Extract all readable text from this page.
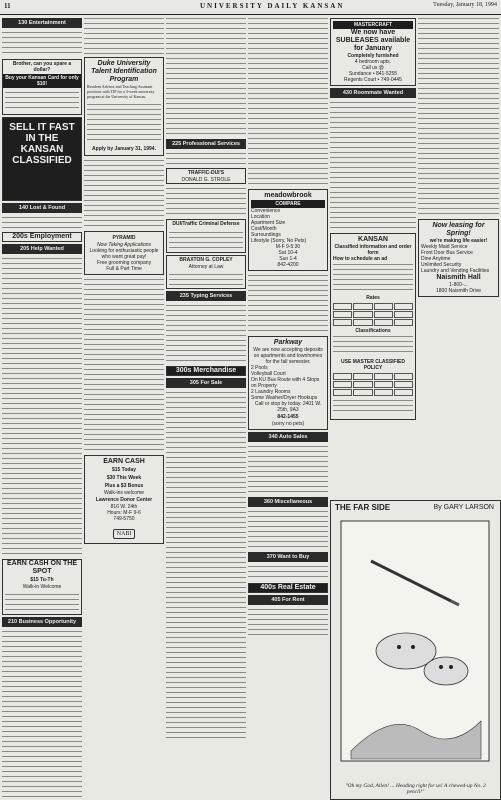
11	UNIVERSITY DAILY KANSAN	Tuesday, January 18, 1994
130 Entertainment
Brother, can you spare a dollar?
Buy your Kansan Card for only $10!
SELL IT FAST IN THE KANSAN CLASSIFIED
140 Lost & Found
200s Employment
205 Help Wanted
EARN CASH ON THE SPOT
$15 Tu-Th
Walk-in Welcome
210 Business Opportunity
Duke University Talent Identification Program
Resident Advisor and Teaching Assistant positions with TIP for a 3-week university program at the University of Kansas.
Apply by January 31, 1994.
PYRAMID
Now Taking Applications
Looking for enthusiastic people who want great pay!
Free grooming company
Full & Part Time
EARN CASH
$15 Today
$30 This Week
Plus a $3 Bonus
Walk-ins welcome
Lawrence Donor Center
816 W. 24th
Hours: M-F 9-6
749-5750
NABI
225 Professional Services
TRAFFIC-DUI'S
DONALD G. STROLE
DUI/Traffic Criminal Defense
BRAXTON G. COPLEY
Attorney at Law
235 Typing Services
300s Merchandise
305 For Sale
meadowbrook
COMPARE
Convenience
Location
Apartment Size
Cost/Month
Surroundings
Lifestyle (Sorry, No Pets)
M-F 9-5:30
Sat 10-4
Sun 1-4
842-4200
Parkway
We are now accepting deposits on apartments and townhomes for the fall semester.
2 Pools
Volleyball Court
On KU Bus Route with 4 Stops on Property
2 Laundry Rooms
Some Washer/Dryer Hookups
Call or stop by today. 2401 W. 25th, 9A3
842-1455
(sorry no pets)
340 Auto Sales
360 Miscellaneous
370 Want to Buy
400s Real Estate
405 For Rent
MASTERCRAFT
We now have SUBLEASES available for January
Completely furnished
4 bedroom apts.
Call us @
Sundance • 841-5255
Regents Court • 749-0445
430 Roommate Wanted
KANSAN
Classified information and order form
How to schedule an ad
Rates
Classifications
USE MASTER CLASSIFIED POLICY
Now leasing for Spring!
we're making life easier!
Weekly Maid Service
Front Door Bus Service
Dine Anytime
Unlimited Security
Laundry and Vending Facilities
Naismith Hall
1-800-...
1800 Naismith Drive
THE FAR SIDE	By GARY LARSON
"Oh my God, Allen! ... Heading right for us! A chewed-up No. 2 pencil!"
